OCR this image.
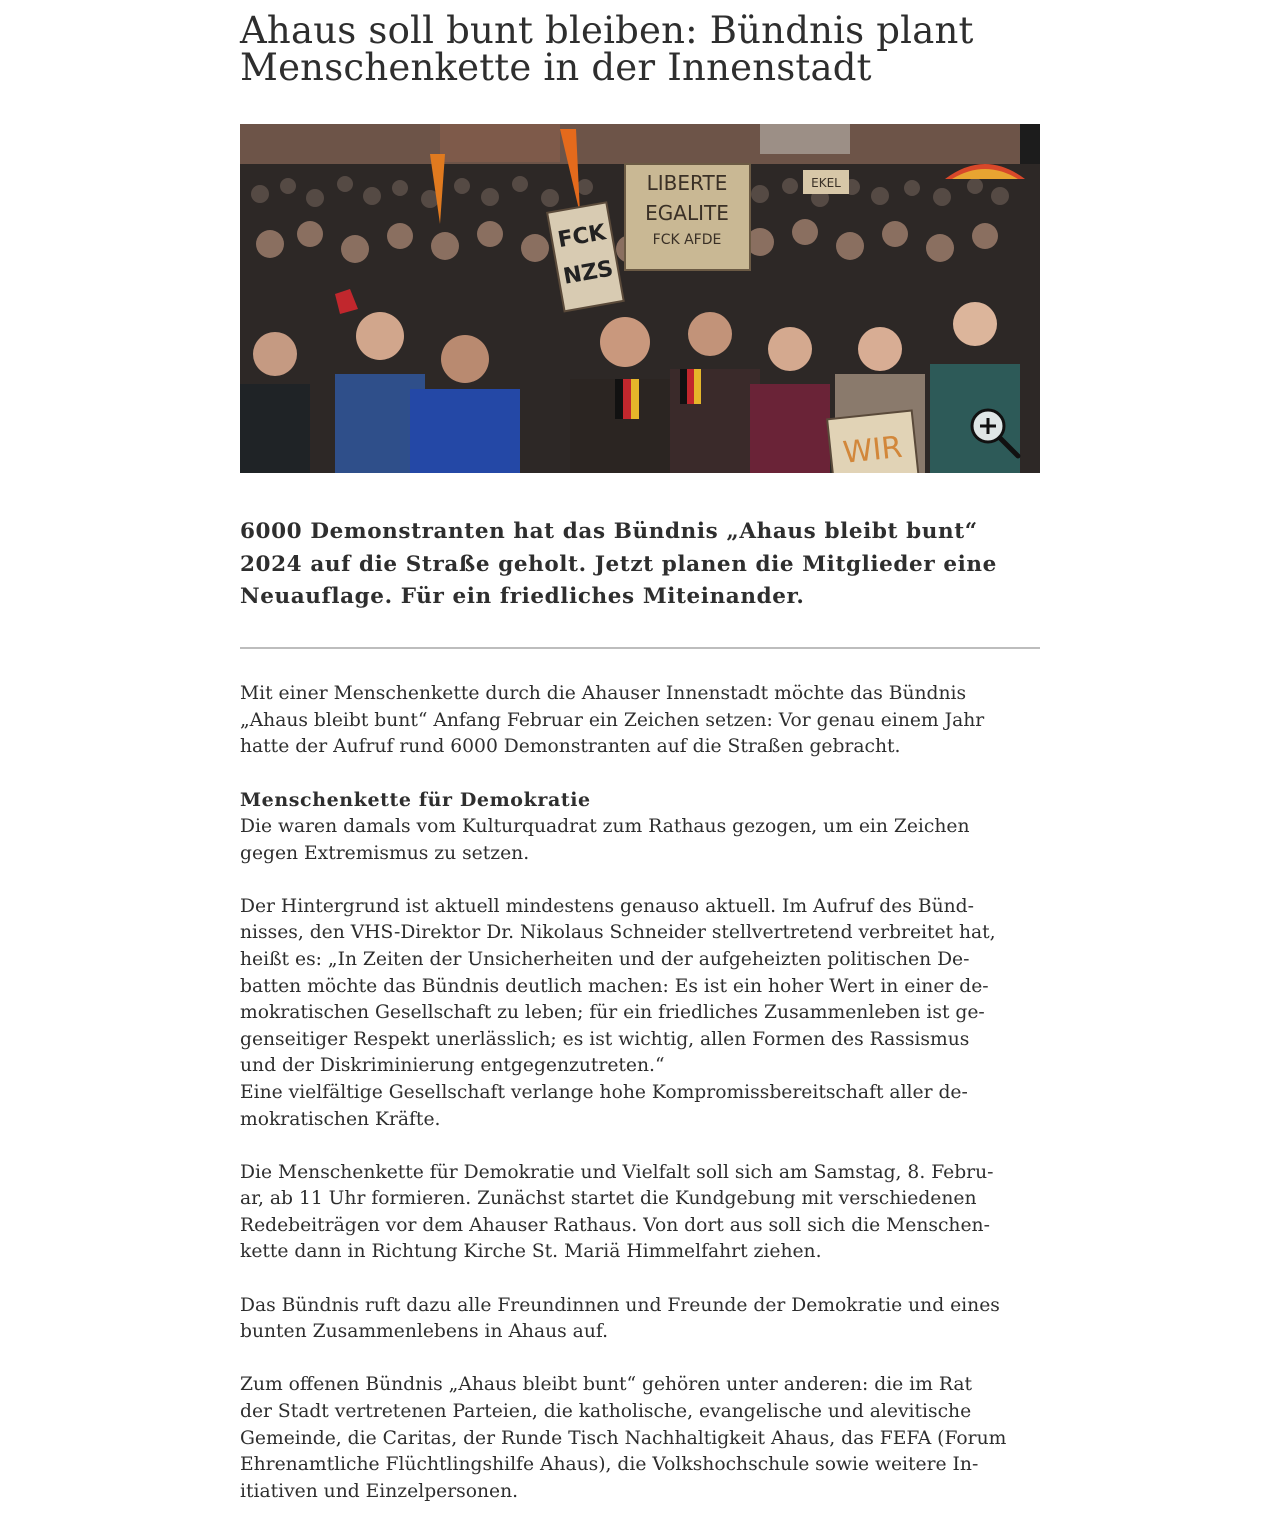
Ahaus soll bunt bleiben: Bündnis plant
Menschenkette in der Innenstadt
LIBERTE
EGALITE
FCK AFDE
FCK
NZS
WIR
EKEL
6000 Demonstranten hat das Bündnis „Ahaus bleibt bunt“
2024 auf die Straße geholt. Jetzt planen die Mitglieder eine
Neuauflage. Für ein friedliches Miteinander.

Mit einer Menschenkette durch die Ahauser Innenstadt möchte das Bündnis
„Ahaus bleibt bunt“ Anfang Februar ein Zeichen setzen: Vor genau einem Jahr
hatte der Aufruf rund 6000 Demonstranten auf die Straßen gebracht.

Menschenkette für Demokratie

Die waren damals vom Kulturquadrat zum Rathaus gezogen, um ein Zeichen
gegen Extremismus zu setzen.

Der Hintergrund ist aktuell mindestens genauso aktuell. Im Aufruf des Bünd-
nisses, den VHS-Direktor Dr. Nikolaus Schneider stellvertretend verbreitet hat,
heißt es: „In Zeiten der Unsicherheiten und der aufgeheizten politischen De-
batten möchte das Bündnis deutlich machen: Es ist ein hoher Wert in einer de-
mokratischen Gesellschaft zu leben; für ein friedliches Zusammenleben ist ge-
genseitiger Respekt unerlässlich; es ist wichtig, allen Formen des Rassismus
und der Diskriminierung entgegenzutreten.“
Eine vielfältige Gesellschaft verlange hohe Kompromissbereitschaft aller de-
mokratischen Kräfte.

Die Menschenkette für Demokratie und Vielfalt soll sich am Samstag, 8. Febru-
ar, ab 11 Uhr formieren. Zunächst startet die Kundgebung mit verschiedenen
Redebeiträgen vor dem Ahauser Rathaus. Von dort aus soll sich die Menschen-
kette dann in Richtung Kirche St. Mariä Himmelfahrt ziehen.

Das Bündnis ruft dazu alle Freundinnen und Freunde der Demokratie und eines
bunten Zusammenlebens in Ahaus auf.

Zum offenen Bündnis „Ahaus bleibt bunt“ gehören unter anderen: die im Rat
der Stadt vertretenen Parteien, die katholische, evangelische und alevitische
Gemeinde, die Caritas, der Runde Tisch Nachhaltigkeit Ahaus, das FEFA (Forum
Ehrenamtliche Flüchtlingshilfe Ahaus), die Volkshochschule sowie weitere In-
itiativen und Einzelpersonen.
